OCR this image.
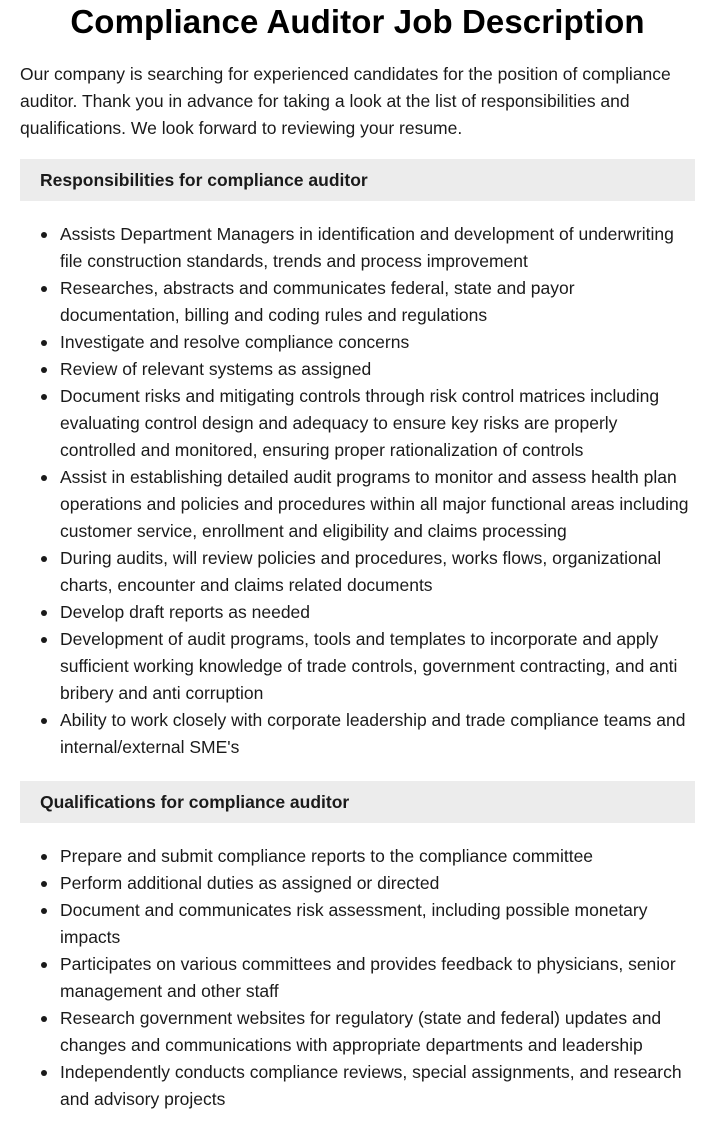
Compliance Auditor Job Description

Our company is searching for experienced candidates for the position of compliance auditor. Thank you in advance for taking a look at the list of responsibilities and qualifications. We look forward to reviewing your resume.

Responsibilities for compliance auditor
Assists Department Managers in identification and development of underwriting file construction standards, trends and process improvement
Researches, abstracts and communicates federal, state and payor documentation, billing and coding rules and regulations
Investigate and resolve compliance concerns
Review of relevant systems as assigned
Document risks and mitigating controls through risk control matrices including evaluating control design and adequacy to ensure key risks are properly controlled and monitored, ensuring proper rationalization of controls
Assist in establishing detailed audit programs to monitor and assess health plan operations and policies and procedures within all major functional areas including customer service, enrollment and eligibility and claims processing
During audits, will review policies and procedures, works flows, organizational charts, encounter and claims related documents
Develop draft reports as needed
Development of audit programs, tools and templates to incorporate and apply sufficient working knowledge of trade controls, government contracting, and anti bribery and anti corruption
Ability to work closely with corporate leadership and trade compliance teams and internal/external SME's
Qualifications for compliance auditor
Prepare and submit compliance reports to the compliance committee
Perform additional duties as assigned or directed
Document and communicates risk assessment, including possible monetary impacts
Participates on various committees and provides feedback to physicians, senior management and other staff
Research government websites for regulatory (state and federal) updates and changes and communications with appropriate departments and leadership
Independently conducts compliance reviews, special assignments, and research and advisory projects
